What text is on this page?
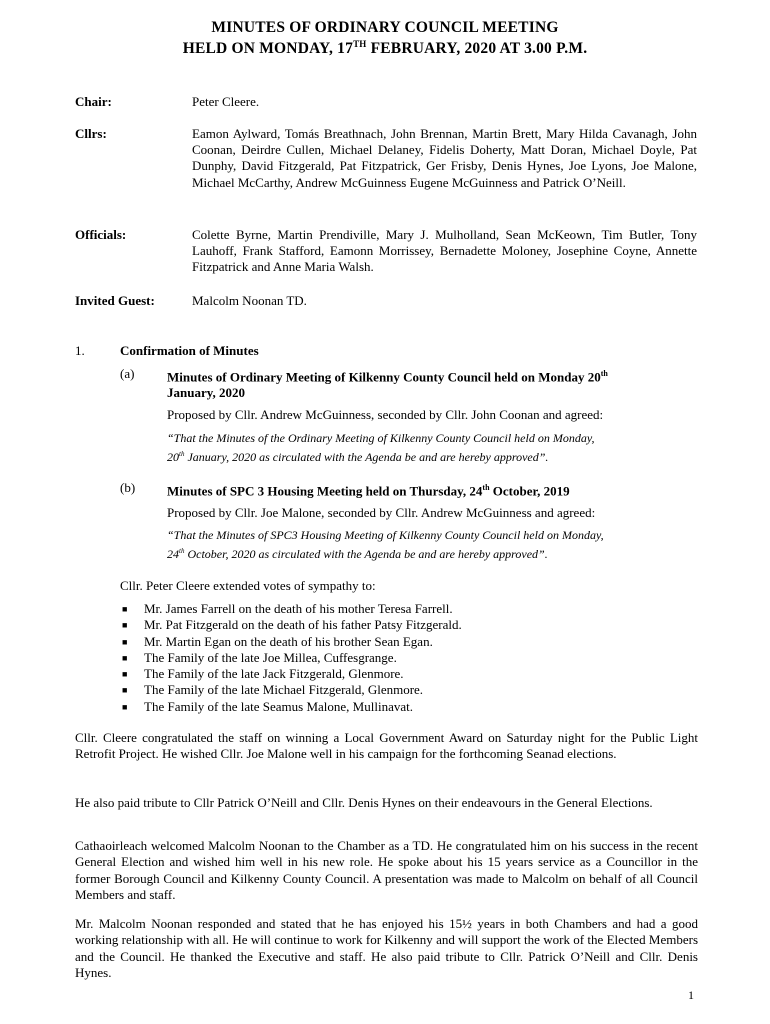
MINUTES OF ORDINARY COUNCIL MEETING
HELD ON MONDAY, 17TH FEBRUARY, 2020 AT 3.00 P.M.
Chair:	Peter Cleere.
Cllrs:	Eamon Aylward, Tomás Breathnach, John Brennan, Martin Brett, Mary Hilda Cavanagh, John Coonan, Deirdre Cullen, Michael Delaney, Fidelis Doherty, Matt Doran, Michael Doyle, Pat Dunphy, David Fitzgerald, Pat Fitzpatrick, Ger Frisby, Denis Hynes, Joe Lyons, Joe Malone, Michael McCarthy, Andrew McGuinness Eugene McGuinness and Patrick O’Neill.
Officials:	Colette Byrne, Martin Prendiville, Mary J. Mulholland, Sean McKeown, Tim Butler, Tony Lauhoff, Frank Stafford, Eamonn Morrissey, Bernadette Moloney, Josephine Coyne, Annette Fitzpatrick and Anne Maria Walsh.
Invited Guest:	Malcolm Noonan TD.
1.	Confirmation of Minutes
(a)	Minutes of Ordinary Meeting of Kilkenny County Council held on Monday 20th
January, 2020
Proposed by Cllr. Andrew McGuinness, seconded by Cllr. John Coonan and agreed:
“That the Minutes of the Ordinary Meeting of Kilkenny County Council held on Monday,
20th January, 2020 as circulated with the Agenda be and are hereby approved”.
(b) Minutes of SPC 3 Housing Meeting held on Thursday, 24th October, 2019
Proposed by Cllr. Joe Malone, seconded by Cllr. Andrew McGuinness and agreed:
“That the Minutes of SPC3 Housing Meeting of Kilkenny County Council held on Monday,
24th October, 2020 as circulated with the Agenda be and are hereby approved”.
Cllr. Peter Cleere extended votes of sympathy to:
■ Mr. James Farrell on the death of his mother Teresa Farrell.
■ Mr. Pat Fitzgerald on the death of his father Patsy Fitzgerald.
■ Mr. Martin Egan on the death of his brother Sean Egan.
■ The Family of the late Joe Millea, Cuffesgrange.
■ The Family of the late Jack Fitzgerald, Glenmore.
■ The Family of the late Michael Fitzgerald, Glenmore.
■ The Family of the late Seamus Malone, Mullinavat.
Cllr. Cleere congratulated the staff on winning a Local Government Award on Saturday night for the Public Light Retrofit Project. He wished Cllr. Joe Malone well in his campaign for the forthcoming Seanad elections.
He also paid tribute to Cllr Patrick O’Neill and Cllr. Denis Hynes on their endeavours in the General Elections.
Cathaoirleach welcomed Malcolm Noonan to the Chamber as a TD. He congratulated him on his success in the recent General Election and wished him well in his new role. He spoke about his 15 years service as a Councillor in the former Borough Council and Kilkenny County Council. A presentation was made to Malcolm on behalf of all Council Members and staff.
Mr. Malcolm Noonan responded and stated that he has enjoyed his 15½ years in both Chambers and had a good working relationship with all. He will continue to work for Kilkenny and will support the work of the Elected Members and the Council. He thanked the Executive and staff. He also paid tribute to Cllr. Patrick O’Neill and Cllr. Denis Hynes.
1
